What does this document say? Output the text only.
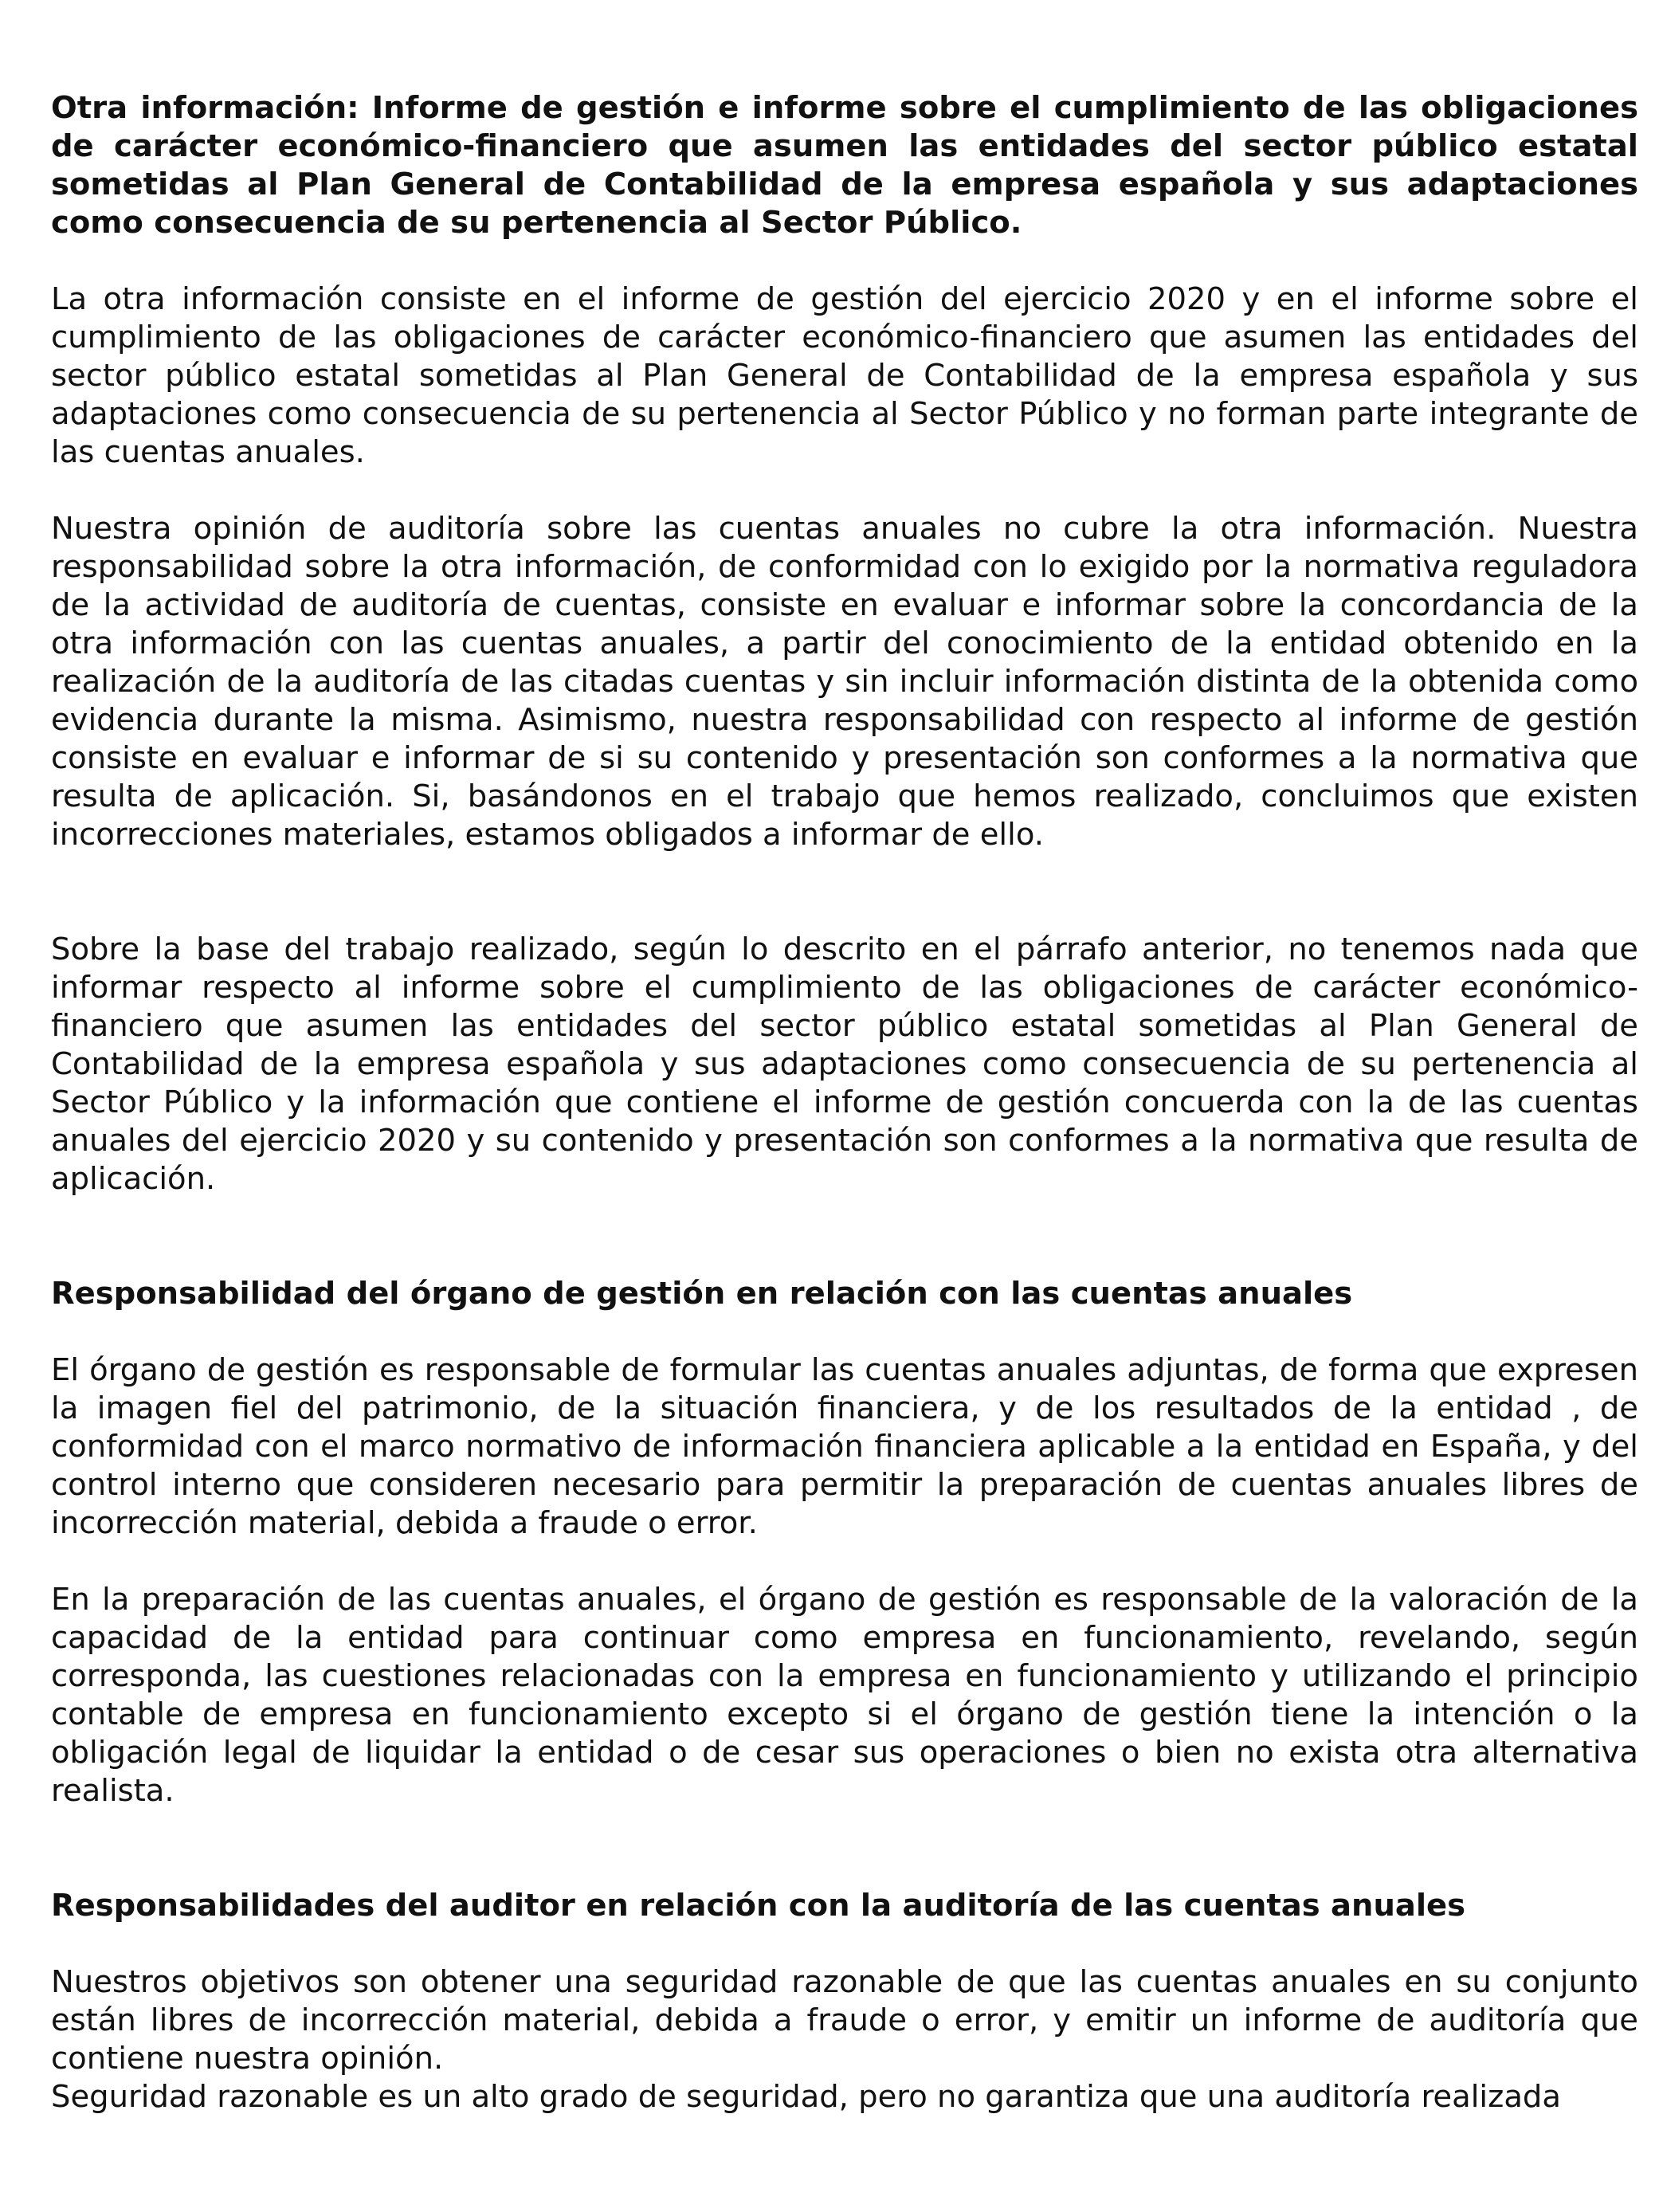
Otra información: Informe de gestión e informe sobre el cumplimiento de las obligaciones de carácter económico-financiero que asumen las entidades del sector público estatal sometidas al Plan General de Contabilidad de la empresa española y sus adaptaciones como consecuencia de su pertenencia al Sector Público.

La otra información consiste en el informe de gestión del ejercicio 2020 y en el informe sobre el cumplimiento de las obligaciones de carácter económico-financiero que asumen las entidades del sector público estatal sometidas al Plan General de Contabilidad de la empresa española y sus adaptaciones como consecuencia de su pertenencia al Sector Público y no forman parte integrante de las cuentas anuales.

Nuestra opinión de auditoría sobre las cuentas anuales no cubre la otra información. Nuestra responsabilidad sobre la otra información, de conformidad con lo exigido por la normativa reguladora de la actividad de auditoría de cuentas, consiste en evaluar e informar sobre la concordancia de la otra información con las cuentas anuales, a partir del conocimiento de la entidad obtenido en la realización de la auditoría de las citadas cuentas y sin incluir información distinta de la obtenida como evidencia durante la misma. Asimismo, nuestra responsabilidad con respecto al informe de gestión consiste en evaluar e informar de si su contenido y presentación son conformes a la normativa que resulta de aplicación. Si, basándonos en el trabajo que hemos realizado, concluimos que existen incorrecciones materiales, estamos obligados a informar de ello.

Sobre la base del trabajo realizado, según lo descrito en el párrafo anterior, no tenemos nada que informar respecto al informe sobre el cumplimiento de las obligaciones de carácter económico-financiero que asumen las entidades del sector público estatal sometidas al Plan General de Contabilidad de la empresa española y sus adaptaciones como consecuencia de su pertenencia al Sector Público y la información que contiene el informe de gestión concuerda con la de las cuentas anuales del ejercicio 2020 y su contenido y presentación son conformes a la normativa que resulta de aplicación.

Responsabilidad del órgano de gestión en relación con las cuentas anuales

El órgano de gestión es responsable de formular las cuentas anuales adjuntas, de forma que expresen la imagen fiel del patrimonio, de la situación financiera, y de los resultados de la entidad , de conformidad con el marco normativo de información financiera aplicable a la entidad en España, y del control interno que consideren necesario para permitir la preparación de cuentas anuales libres de incorrección material, debida a fraude o error.

En la preparación de las cuentas anuales, el órgano de gestión es responsable de la valoración de la capacidad de la entidad para continuar como empresa en funcionamiento, revelando, según corresponda, las cuestiones relacionadas con la empresa en funcionamiento y utilizando el principio contable de empresa en funcionamiento excepto si el órgano de gestión tiene la intención o la obligación legal de liquidar la entidad o de cesar sus operaciones o bien no exista otra alternativa realista.

Responsabilidades del auditor en relación con la auditoría de las cuentas anuales

Nuestros objetivos son obtener una seguridad razonable de que las cuentas anuales en su conjunto están libres de incorrección material, debida a fraude o error, y emitir un informe de auditoría que contiene nuestra opinión.

Seguridad razonable es un alto grado de seguridad, pero no garantiza que una auditoría realizada
